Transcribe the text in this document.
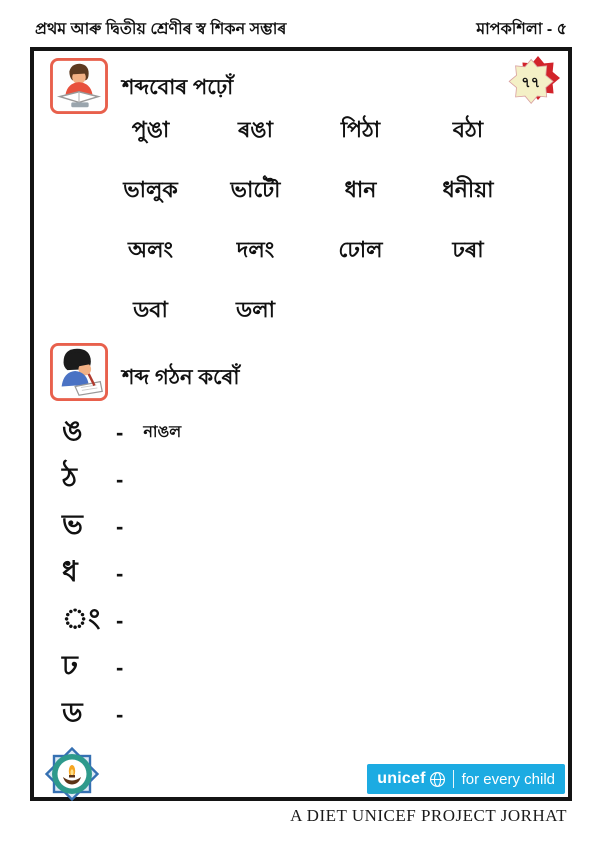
প্ৰথম আৰু দ্বিতীয় শ্ৰেণীৰ স্ব শিকন সম্ভাৰ	মাপকশিলা - ৫
শব্দবোৰ পঢ়োঁ	৭৭
পুঙা	ৰঙা	পিঠা	বঠা
ভালুক	ভাটৌ	ধান	ধনীয়া
অলং	দলং	ঢোল	ঢৰা
ডবা	ডলা
শব্দ গঠন কৰোঁ
ঙ	- নাঙল
ঠ	-
ভ	-
ধ	-
ং -
ঢ	-
ড	-
unicef for every child
A DIET UNICEF PROJECT JORHAT
